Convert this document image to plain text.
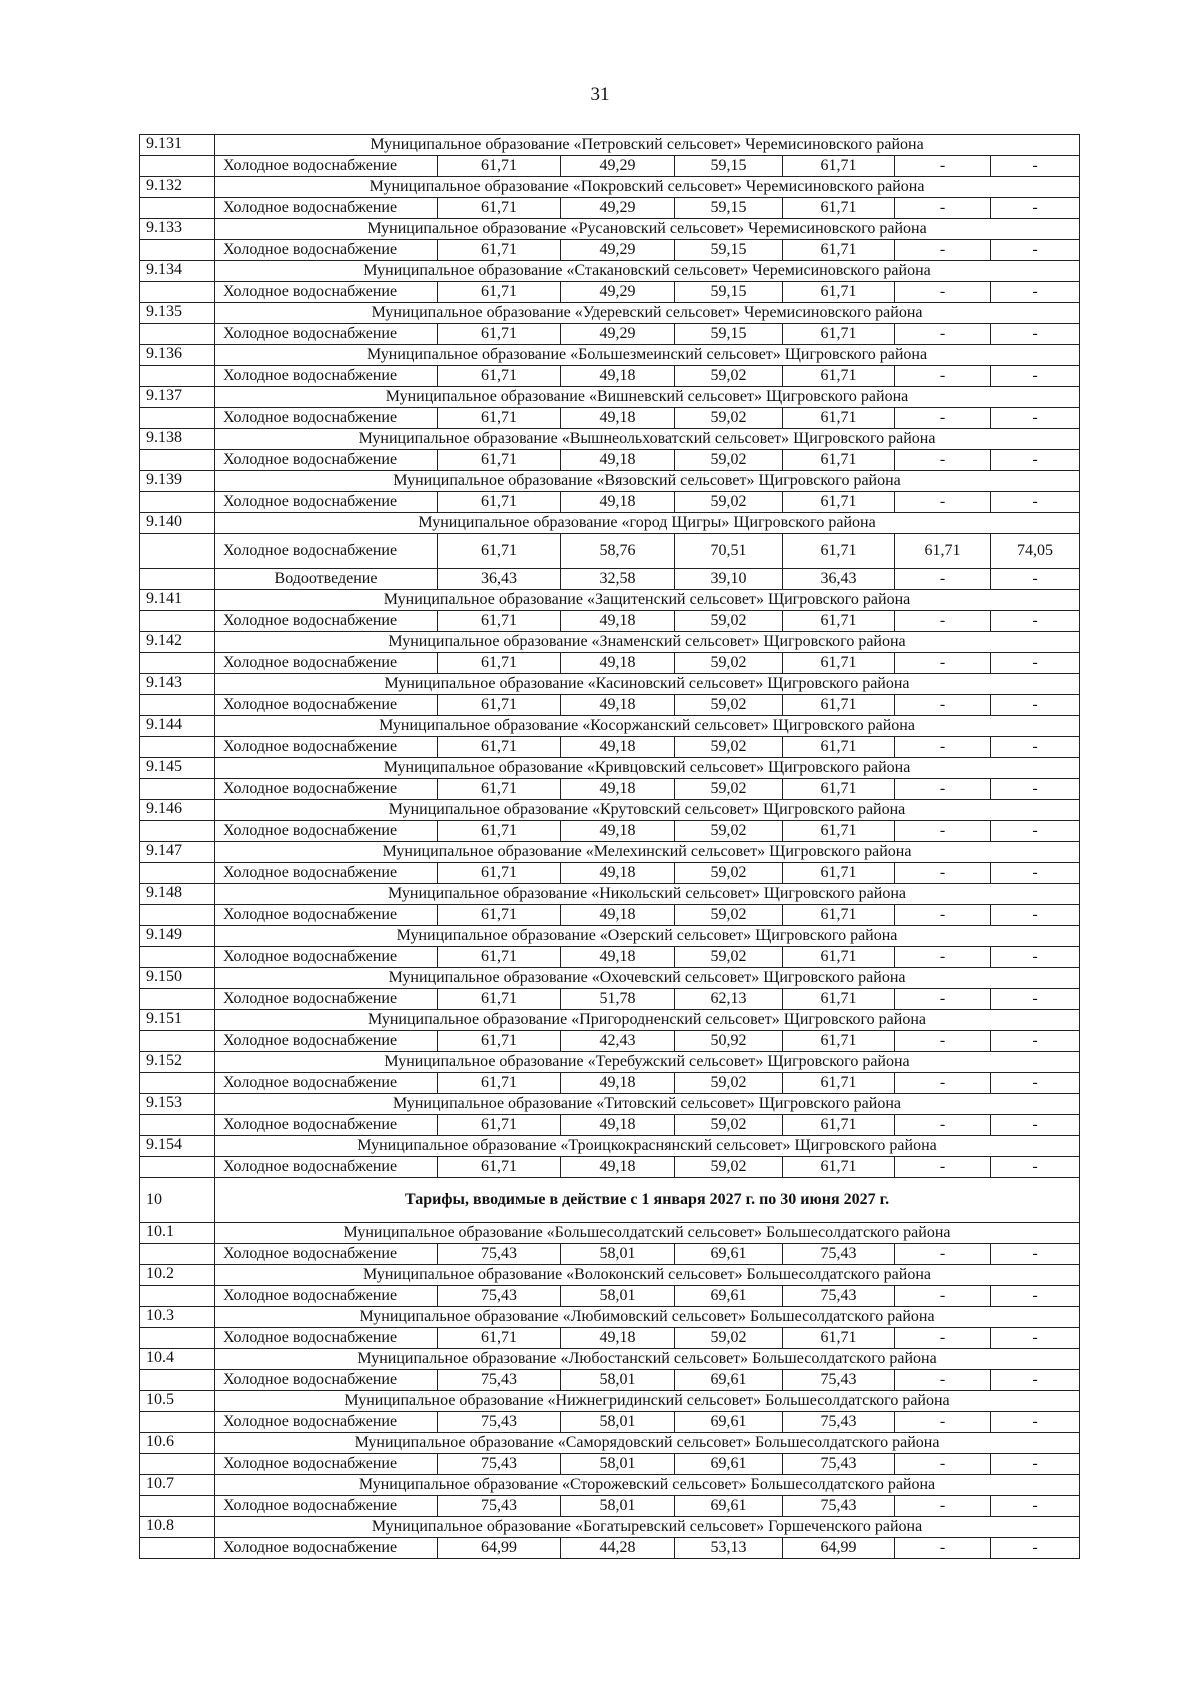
31
9.131	Муниципальное образование «Петровский сельсовет» Черемисиновского района						
	Холодное водоснабжение	61,71	49,29	59,15	61,71	-	-
9.132	Муниципальное образование «Покровский сельсовет» Черемисиновского района						
	Холодное водоснабжение	61,71	49,29	59,15	61,71	-	-
9.133	Муниципальное образование «Русановский сельсовет» Черемисиновского района						
	Холодное водоснабжение	61,71	49,29	59,15	61,71	-	-
9.134	Муниципальное образование «Стакановский сельсовет» Черемисиновского района						
	Холодное водоснабжение	61,71	49,29	59,15	61,71	-	-
9.135	Муниципальное образование «Удеревский сельсовет» Черемисиновского района						
	Холодное водоснабжение	61,71	49,29	59,15	61,71	-	-
9.136	Муниципальное образование «Большезмеинский сельсовет» Щигровского района						
	Холодное водоснабжение	61,71	49,18	59,02	61,71	-	-
9.137	Муниципальное образование «Вишневский сельсовет» Щигровского района						
	Холодное водоснабжение	61,71	49,18	59,02	61,71	-	-
9.138	Муниципальное образование «Вышнеольховатский сельсовет» Щигровского района						
	Холодное водоснабжение	61,71	49,18	59,02	61,71	-	-
9.139	Муниципальное образование «Вязовский сельсовет» Щигровского района						
	Холодное водоснабжение	61,71	49,18	59,02	61,71	-	-
9.140	Муниципальное образование «город Щигры» Щигровского района						
	Холодное водоснабжение	61,71	58,76	70,51	61,71	61,71	74,05
	Водоотведение	36,43	32,58	39,10	36,43	-	-
9.141	Муниципальное образование «Защитенский сельсовет» Щигровского района						
	Холодное водоснабжение	61,71	49,18	59,02	61,71	-	-
9.142	Муниципальное образование «Знаменский сельсовет» Щигровского района						
	Холодное водоснабжение	61,71	49,18	59,02	61,71	-	-
9.143	Муниципальное образование «Касиновский сельсовет» Щигровского района						
	Холодное водоснабжение	61,71	49,18	59,02	61,71	-	-
9.144	Муниципальное образование «Косоржанский сельсовет» Щигровского района						
	Холодное водоснабжение	61,71	49,18	59,02	61,71	-	-
9.145	Муниципальное образование «Кривцовский сельсовет» Щигровского района						
	Холодное водоснабжение	61,71	49,18	59,02	61,71	-	-
9.146	Муниципальное образование «Крутовский сельсовет» Щигровского района						
	Холодное водоснабжение	61,71	49,18	59,02	61,71	-	-
9.147	Муниципальное образование «Мелехинский сельсовет» Щигровского района						
	Холодное водоснабжение	61,71	49,18	59,02	61,71	-	-
9.148	Муниципальное образование «Никольский сельсовет» Щигровского района						
	Холодное водоснабжение	61,71	49,18	59,02	61,71	-	-
9.149	Муниципальное образование «Озерский сельсовет» Щигровского района						
	Холодное водоснабжение	61,71	49,18	59,02	61,71	-	-
9.150	Муниципальное образование «Охочевский сельсовет» Щигровского района						
	Холодное водоснабжение	61,71	51,78	62,13	61,71	-	-
9.151	Муниципальное образование «Пригородненский сельсовет» Щигровского района						
	Холодное водоснабжение	61,71	42,43	50,92	61,71	-	-
9.152	Муниципальное образование «Теребужский сельсовет» Щигровского района						
	Холодное водоснабжение	61,71	49,18	59,02	61,71	-	-
9.153	Муниципальное образование «Титовский сельсовет» Щигровского района						
	Холодное водоснабжение	61,71	49,18	59,02	61,71	-	-
9.154	Муниципальное образование «Троицкокраснянский сельсовет» Щигровского района						
	Холодное водоснабжение	61,71	49,18	59,02	61,71	-	-
10	Тарифы, вводимые в действие с 1 января 2027 г. по 30 июня 2027 г.						
10.1	Муниципальное образование «Большесолдатский сельсовет» Большесолдатского района						
	Холодное водоснабжение	75,43	58,01	69,61	75,43	-	-
10.2	Муниципальное образование «Волоконский сельсовет» Большесолдатского района						
	Холодное водоснабжение	75,43	58,01	69,61	75,43	-	-
10.3	Муниципальное образование «Любимовский сельсовет» Большесолдатского района						
	Холодное водоснабжение	61,71	49,18	59,02	61,71	-	-
10.4	Муниципальное образование «Любостанский сельсовет» Большесолдатского района						
	Холодное водоснабжение	75,43	58,01	69,61	75,43	-	-
10.5	Муниципальное образование «Нижнегридинский сельсовет» Большесолдатского района						
	Холодное водоснабжение	75,43	58,01	69,61	75,43	-	-
10.6	Муниципальное образование «Саморядовский сельсовет» Большесолдатского района						
	Холодное водоснабжение	75,43	58,01	69,61	75,43	-	-
10.7	Муниципальное образование «Сторожевский сельсовет» Большесолдатского района						
	Холодное водоснабжение	75,43	58,01	69,61	75,43	-	-
10.8	Муниципальное образование «Богатыревский сельсовет» Горшеченского района						
	Холодное водоснабжение	64,99	44,28	53,13	64,99	-	-
